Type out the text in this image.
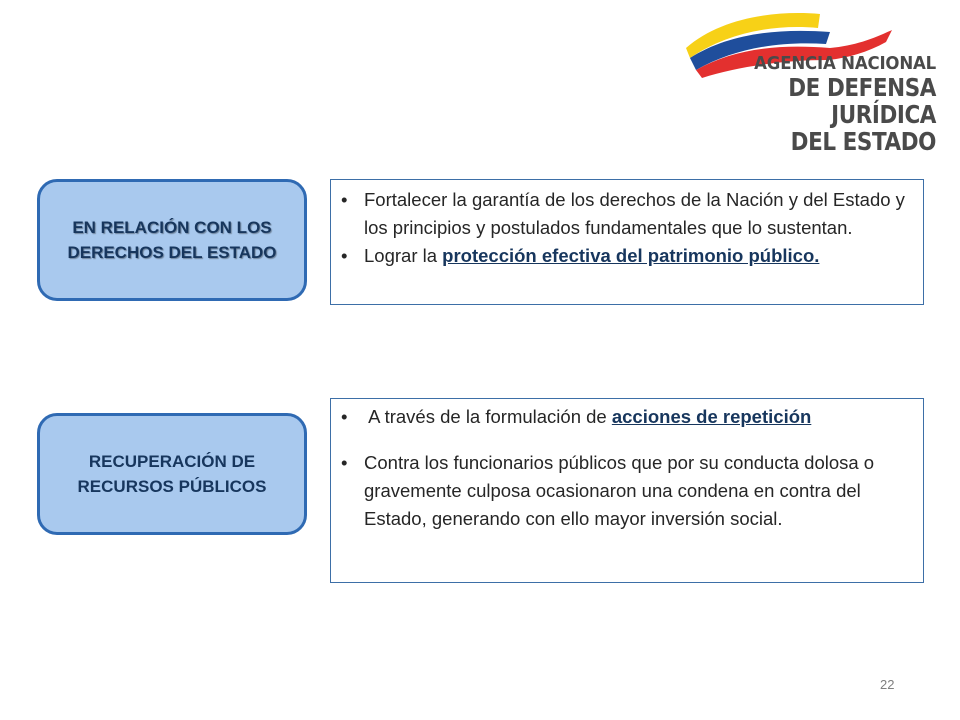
AGENCIA NACIONAL
DE DEFENSA JURÍDICA
DEL ESTADO
EN RELACIÓN CON LOS
DERECHOS DEL ESTADO
• Fortalecer la garantía de los derechos de la Nación y del Estado y los principios y postulados fundamentales que lo sustentan.
• Lograr la protección efectiva del patrimonio público.
RECUPERACIÓN DE
RECURSOS PÚBLICOS
•  A través de la formulación de acciones de repetición
• Contra los funcionarios públicos que por su conducta dolosa o gravemente culposa ocasionaron una condena en contra del Estado, generando con ello mayor inversión social.
22
